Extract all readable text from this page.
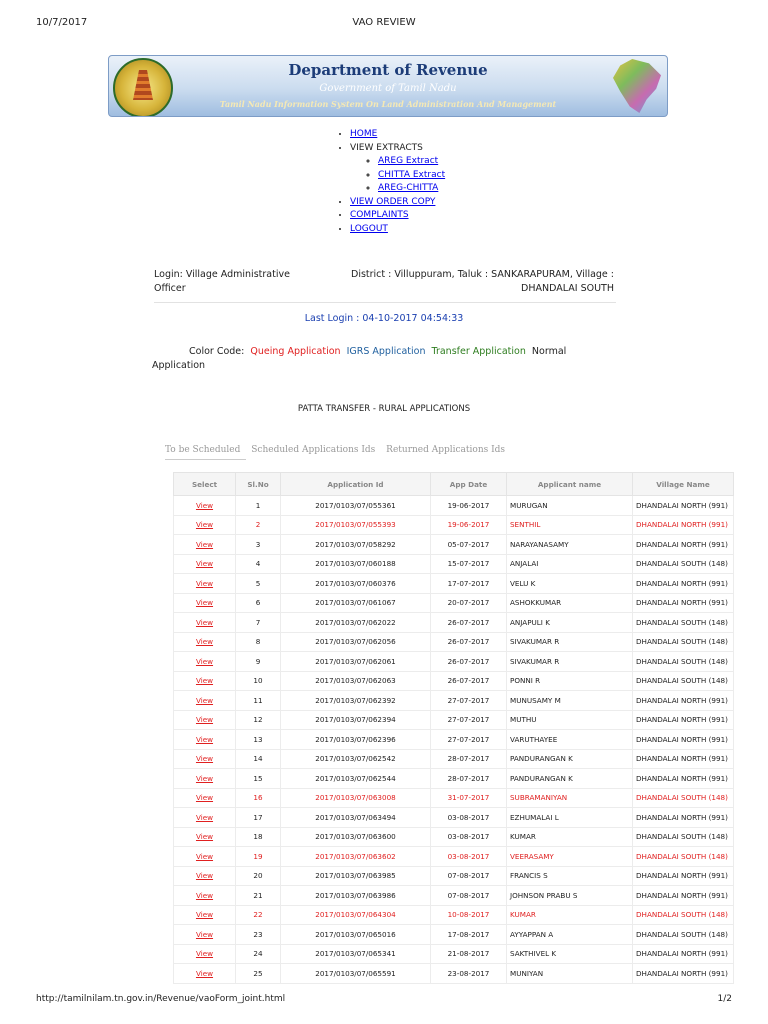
10/7/2017	VAO REVIEW
Department of Revenue
Government of Tamil Nadu
Tamil Nadu Information System On Land Administration And Management
• HOME
• VIEW EXTRACTS
◦ AREG Extract
◦ CHITTA Extract
◦ AREG-CHITTA
• VIEW ORDER COPY
• COMPLAINTS
• LOGOUT
Login: Village Administrative Officer
District : Villuppuram, Taluk : SANKARAPURAM, Village : DHANDALAI SOUTH
Last Login : 04-10-2017 04:54:33
Color Code: Queing Application IGRS Application Transfer Application Normal Application
PATTA TRANSFER - RURAL APPLICATIONS
To be Scheduled Scheduled Applications Ids Returned Applications Ids
Select	Sl.No	Application Id	App Date	Applicant name	Village Name
View	1	2017/0103/07/055361	19-06-2017	MURUGAN	DHANDALAI NORTH (991)
View	2	2017/0103/07/055393	19-06-2017	SENTHIL	DHANDALAI NORTH (991)
View	3	2017/0103/07/058292	05-07-2017	NARAYANASAMY	DHANDALAI NORTH (991)
View	4	2017/0103/07/060188	15-07-2017	ANJALAI	DHANDALAI SOUTH (148)
View	5	2017/0103/07/060376	17-07-2017	VELU K	DHANDALAI NORTH (991)
View	6	2017/0103/07/061067	20-07-2017	ASHOKKUMAR	DHANDALAI NORTH (991)
View	7	2017/0103/07/062022	26-07-2017	ANJAPULI K	DHANDALAI SOUTH (148)
View	8	2017/0103/07/062056	26-07-2017	SIVAKUMAR R	DHANDALAI SOUTH (148)
View	9	2017/0103/07/062061	26-07-2017	SIVAKUMAR R	DHANDALAI SOUTH (148)
View	10	2017/0103/07/062063	26-07-2017	PONNI R	DHANDALAI SOUTH (148)
View	11	2017/0103/07/062392	27-07-2017	MUNUSAMY M	DHANDALAI NORTH (991)
View	12	2017/0103/07/062394	27-07-2017	MUTHU	DHANDALAI NORTH (991)
View	13	2017/0103/07/062396	27-07-2017	VARUTHAYEE	DHANDALAI NORTH (991)
View	14	2017/0103/07/062542	28-07-2017	PANDURANGAN K	DHANDALAI NORTH (991)
View	15	2017/0103/07/062544	28-07-2017	PANDURANGAN K	DHANDALAI NORTH (991)
View	16	2017/0103/07/063008	31-07-2017	SUBRAMANIYAN	DHANDALAI SOUTH (148)
View	17	2017/0103/07/063494	03-08-2017	EZHUMALAI L	DHANDALAI NORTH (991)
View	18	2017/0103/07/063600	03-08-2017	KUMAR	DHANDALAI SOUTH (148)
View	19	2017/0103/07/063602	03-08-2017	VEERASAMY	DHANDALAI SOUTH (148)
View	20	2017/0103/07/063985	07-08-2017	FRANCIS S	DHANDALAI NORTH (991)
View	21	2017/0103/07/063986	07-08-2017	JOHNSON PRABU S	DHANDALAI NORTH (991)
View	22	2017/0103/07/064304	10-08-2017	KUMAR	DHANDALAI SOUTH (148)
View	23	2017/0103/07/065016	17-08-2017	AYYAPPAN A	DHANDALAI SOUTH (148)
View	24	2017/0103/07/065341	21-08-2017	SAKTHIVEL K	DHANDALAI NORTH (991)
View	25	2017/0103/07/065591	23-08-2017	MUNIYAN	DHANDALAI NORTH (991)
http://tamilnilam.tn.gov.in/Revenue/vaoForm_joint.html	1/2
